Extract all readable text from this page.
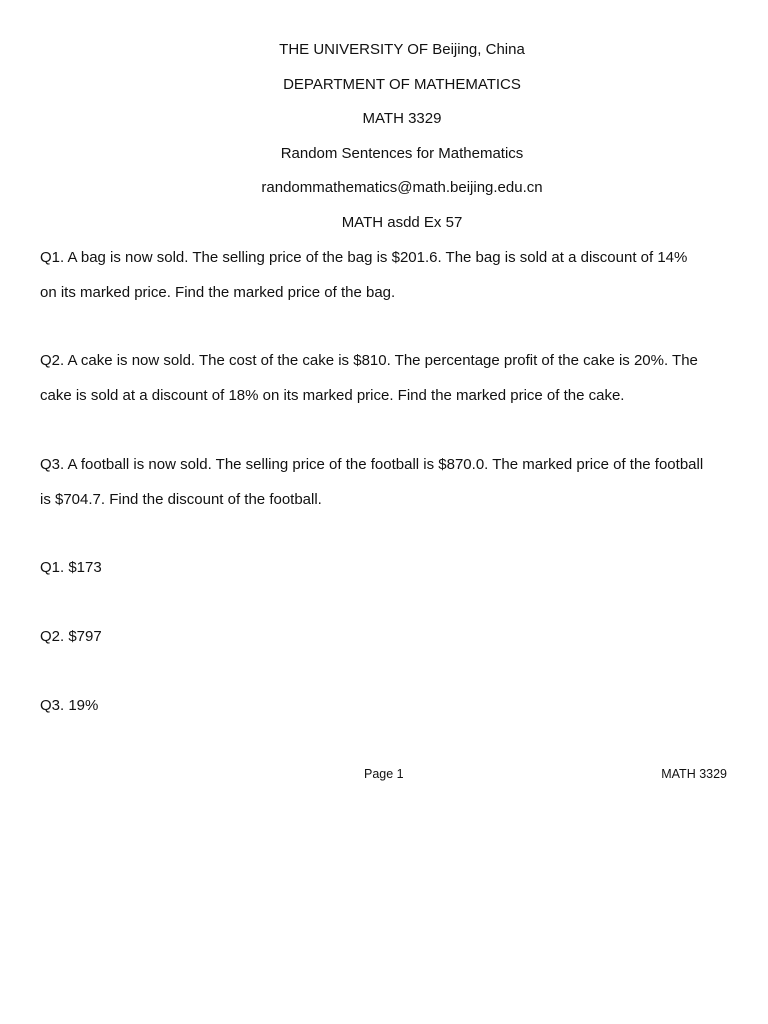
THE UNIVERSITY OF Beijing, China
DEPARTMENT OF MATHEMATICS
MATH 3329
Random Sentences for Mathematics
randommathematics@math.beijing.edu.cn
MATH asdd Ex 57
Q1. A bag is now sold. The selling price of the bag is $201.6. The bag is sold at a discount of 14%
on its marked price. Find the marked price of the bag.
Q2. A cake is now sold. The cost of the cake is $810. The percentage profit of the cake is 20%. The
cake is sold at a discount of 18% on its marked price. Find the marked price of the cake.
Q3. A football is now sold. The selling price of the football is $870.0. The marked price of the football
is $704.7. Find the discount of the football.
Q1. $173
Q2. $797
Q3. 19%
Page 1	MATH 3329
